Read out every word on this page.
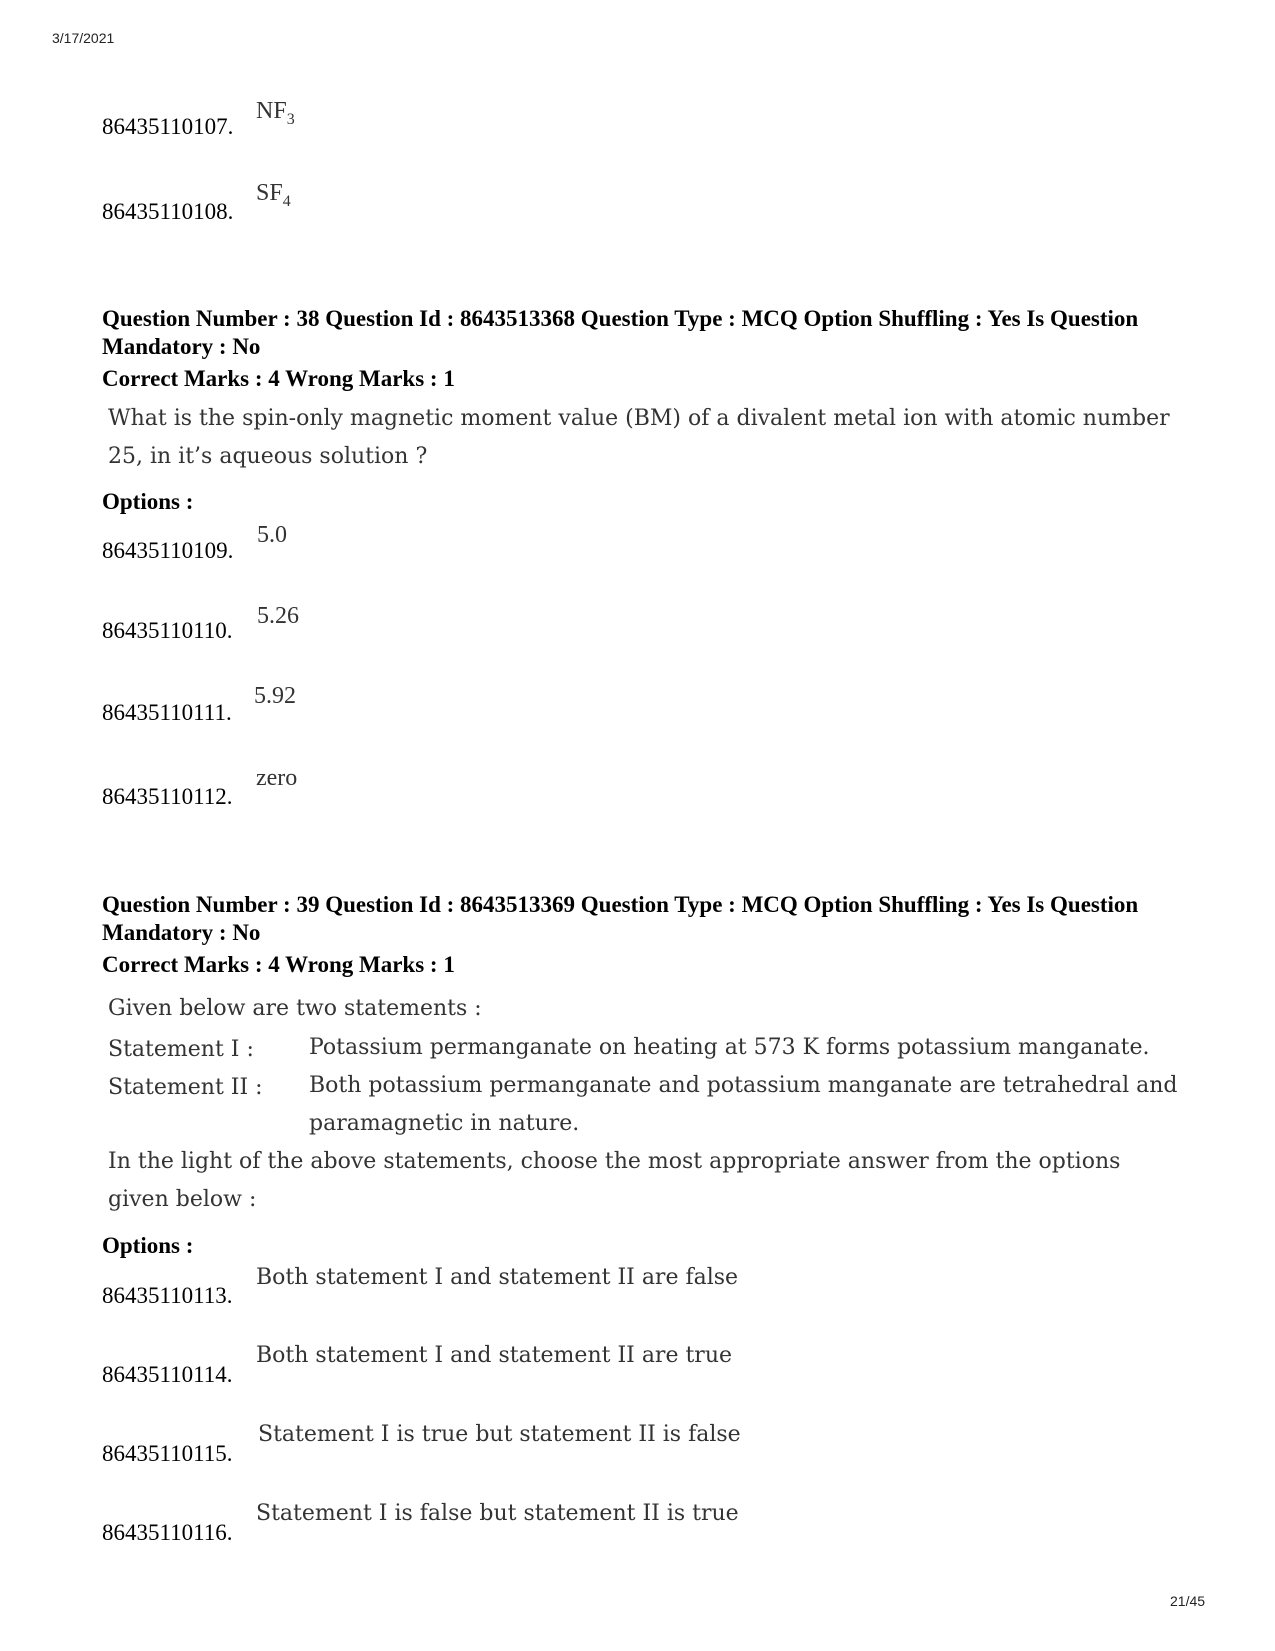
3/17/2021
21/45
86435110107.
$NF_3$
86435110108.
$SF_4$
Question Number : 38 Question Id : 8643513368 Question Type : MCQ Option Shuffling : Yes Is Question Mandatory : No
Correct Marks : 4 Wrong Marks : 1
What is the spin-only magnetic moment value (BM) of a divalent metal ion with atomic number 25, in it’s aqueous solution ?
Options :
86435110109.
5.0
86435110110.
5.26
86435110111.
5.92
86435110112.
zero
Question Number : 39 Question Id : 8643513369 Question Type : MCQ Option Shuffling : Yes Is Question Mandatory : No
Correct Marks : 4 Wrong Marks : 1
Given below are two statements :
Statement I :	Potassium permanganate on heating at 573 K forms potassium manganate.
Statement II : Both potassium permanganate and potassium manganate are tetrahedral and paramagnetic in nature.
In the light of the above statements, choose the most appropriate answer from the options given below :
Options :
86435110113.
Both statement I and statement II are false
86435110114.
Both statement I and statement II are true
86435110115.
Statement I is true but statement II is false
86435110116.
Statement I is false but statement II is true
